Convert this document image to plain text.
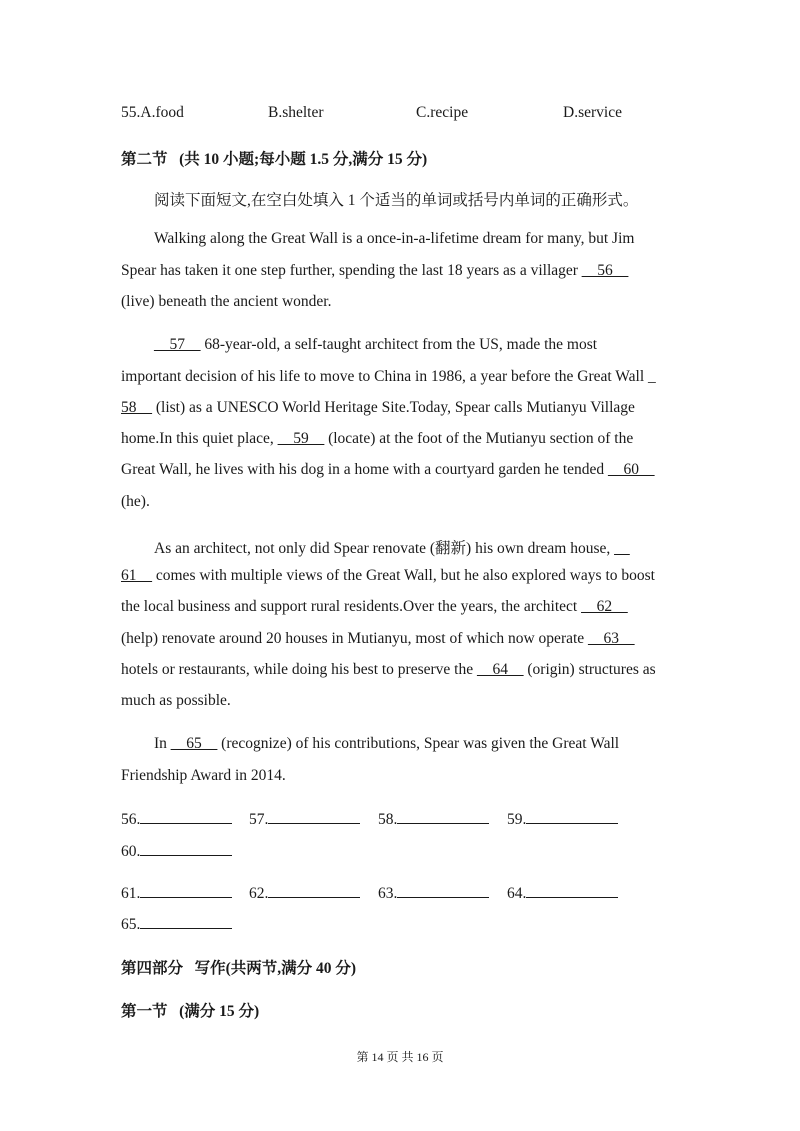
55.A.food	B.shelter	C.recipe	D.service
第二节 (共 10 小题;每小题 1.5 分,满分 15 分)
阅读下面短文,在空白处填入 1 个适当的单词或括号内单词的正确形式。
Walking along the Great Wall is a once-in-a-lifetime dream for many, but Jim
Spear has taken it one step further, spending the last 18 years as a villager __56__
(live) beneath the ancient wonder.
__57__ 68-year-old, a self-taught architect from the US, made the most
important decision of his life to move to China in 1986, a year before the Great Wall _
58__ (list) as a UNESCO World Heritage Site.Today, Spear calls Mutianyu Village
home.In this quiet place, __59__ (locate) at the foot of the Mutianyu section of the
Great Wall, he lives with his dog in a home with a courtyard garden he tended __60__
(he).
As an architect, not only did Spear renovate (翻新) his own dream house, __
61__ comes with multiple views of the Great Wall, but he also explored ways to boost
the local business and support rural residents.Over the years, the architect __62__
(help) renovate around 20 houses in Mutianyu, most of which now operate __63__
hotels or restaurants, while doing his best to preserve the __64__ (origin) structures as
much as possible.
In __65__ (recognize) of his contributions, Spear was given the Great Wall
Friendship Award in 2014.
56.	57.	58.	59.
60.
61.	62.	63.	64.
65.
第四部分 写作(共两节,满分 40 分)
第一节 (满分 15 分)
第 14 页 共 16 页
